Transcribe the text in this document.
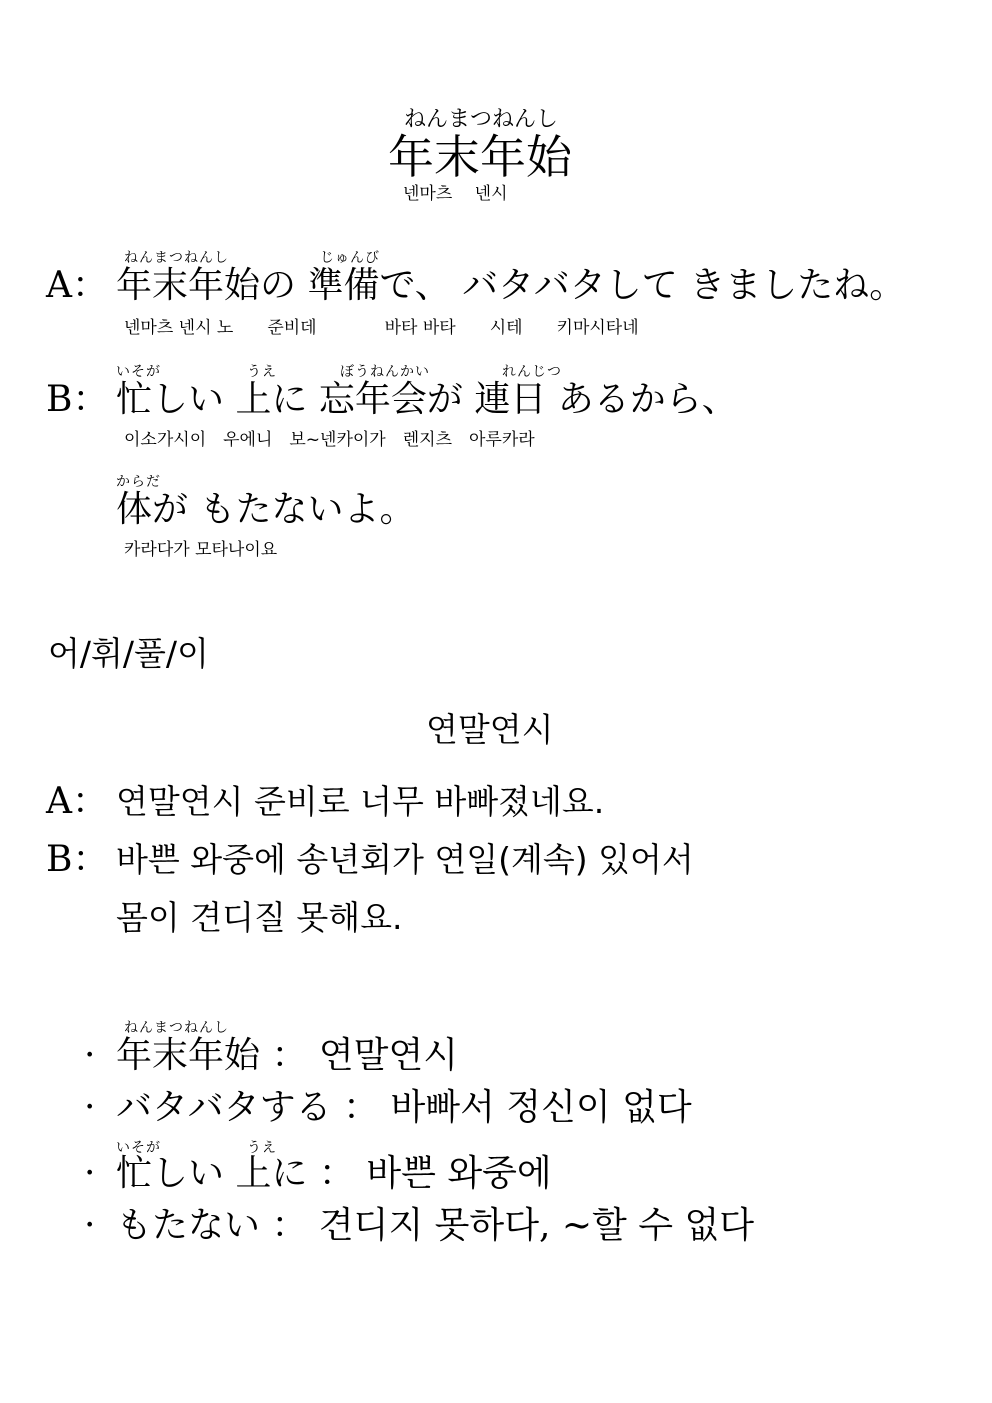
ねんまつねんし
年末年始
넨마츠　 넨시
ねんまつねんし	じゅんび
A： 年末年始の 準備で、 バタバタして きましたね。
넨마츠 넨시 노　　준비데　　　　바타 바타　　시테　　키마시타네
いそが	うえ	ぼうねんかい	れんじつ
B： 忙しい 上に 忘年会が 連日 あるから、
이소가시이　우에니　보~넨카이가　렌지츠　아루카라
からだ
体が もたないよ。
카라다가 모타나이요
어/휘/풀/이
연말연시
A： 연말연시 준비로 너무 바빠졌네요.
B： 바쁜 와중에 송년회가 연일(계속) 있어서
몸이 견디질 못해요.
ねんまつねんし
· 年末年始 ： 연말연시
· バタバタする ： 바빠서 정신이 없다
いそが	うえ
· 忙しい 上に ： 바쁜 와중에
· もたない ： 견디지 못하다, ~할 수 없다
